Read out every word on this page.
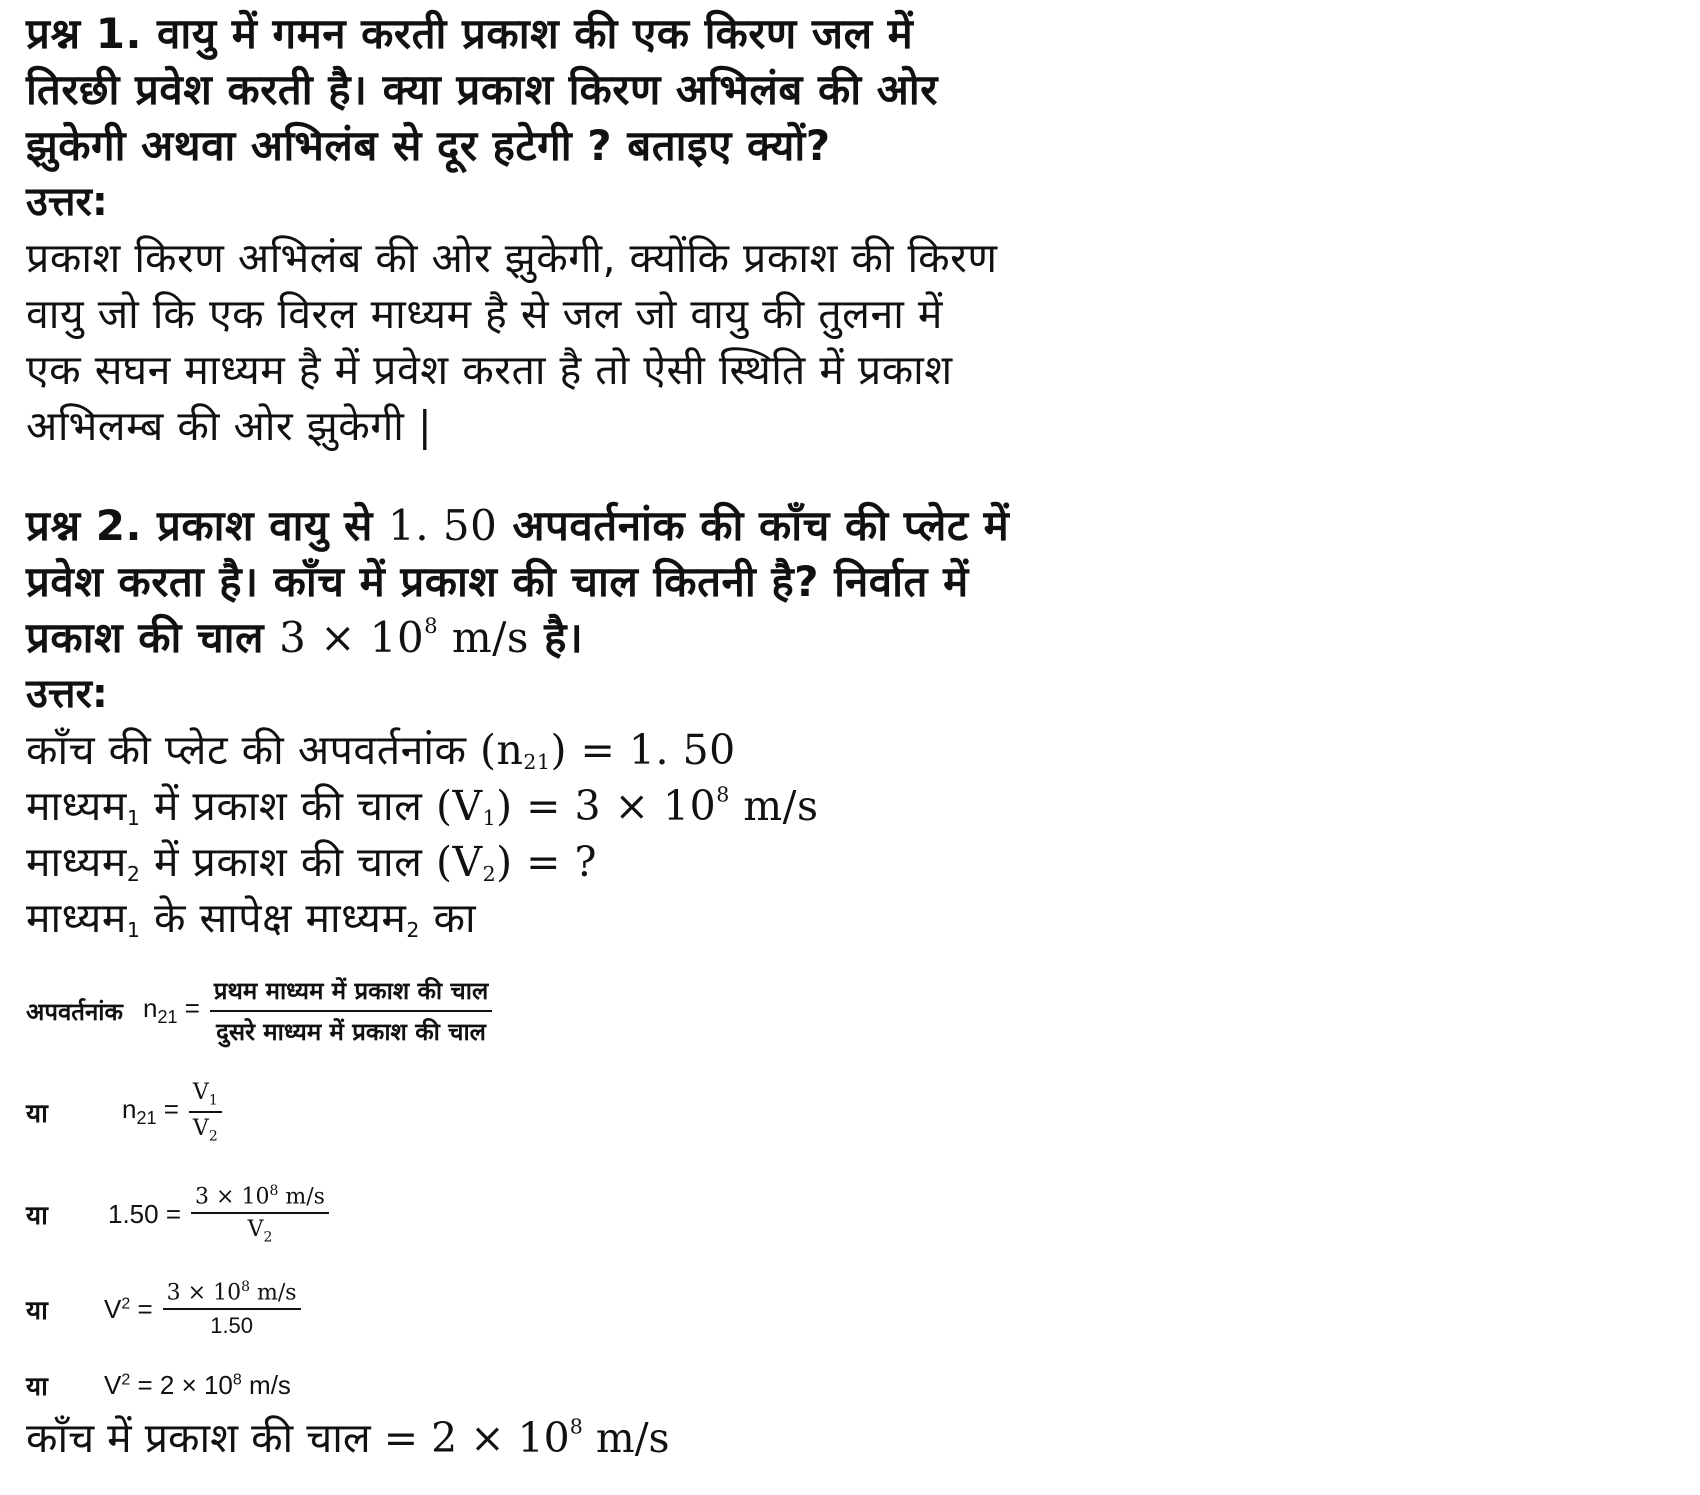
प्रश्न 1. वायु में गमन करती प्रकाश की एक किरण जल में

तिरछी प्रवेश करती है। क्या प्रकाश किरण अभिलंब की ओर

झुकेगी अथवा अभिलंब से दूर हटेगी ? बताइए क्यों?

उत्तर:

प्रकाश किरण अभिलंब की ओर झुकेगी, क्योंकि प्रकाश की किरण

वायु जो कि एक विरल माध्यम है से जल जो वायु की तुलना में

एक सघन माध्यम है में प्रवेश करता है तो ऐसी स्थिति में प्रकाश

अभिलम्ब की ओर झुकेगी |

प्रश्न 2. प्रकाश वायु से 1. 50 अपवर्तनांक की काँच की प्लेट में

प्रवेश करता है। काँच में प्रकाश की चाल कितनी है? निर्वात में

प्रकाश की चाल $3 \times 10^8$ m/s है।

उत्तर:

काँच की प्लेट की अपवर्तनांक $(n_{21}) = 1$. 50

माध्यम$_1$ में प्रकाश की चाल $(V_1) = 3 \times 10^8$ m/s

माध्यम$_2$ में प्रकाश की चाल $(V_2)$ = ?

माध्यम$_1$ के सापेक्ष माध्यम$_2$ का

अपवर्तनांक $n_{21} = \frac{\text{प्रथम माध्यम में प्रकाश की चाल}}{\text{दुसरे माध्यम में प्रकाश की चाल}}$
या	$n_{21} = \frac{V_1}{V_2}$
या	$1.50 = \frac{3 \times 10^8 m/s}{V_2}$
या	$V^2 = \frac{3 \times 10^8 m/s}{1.50}$
या	$V^2 = 2 \times 10^8$ m/s

काँच में प्रकाश की चाल = $2 \times 10^8$ m/s
